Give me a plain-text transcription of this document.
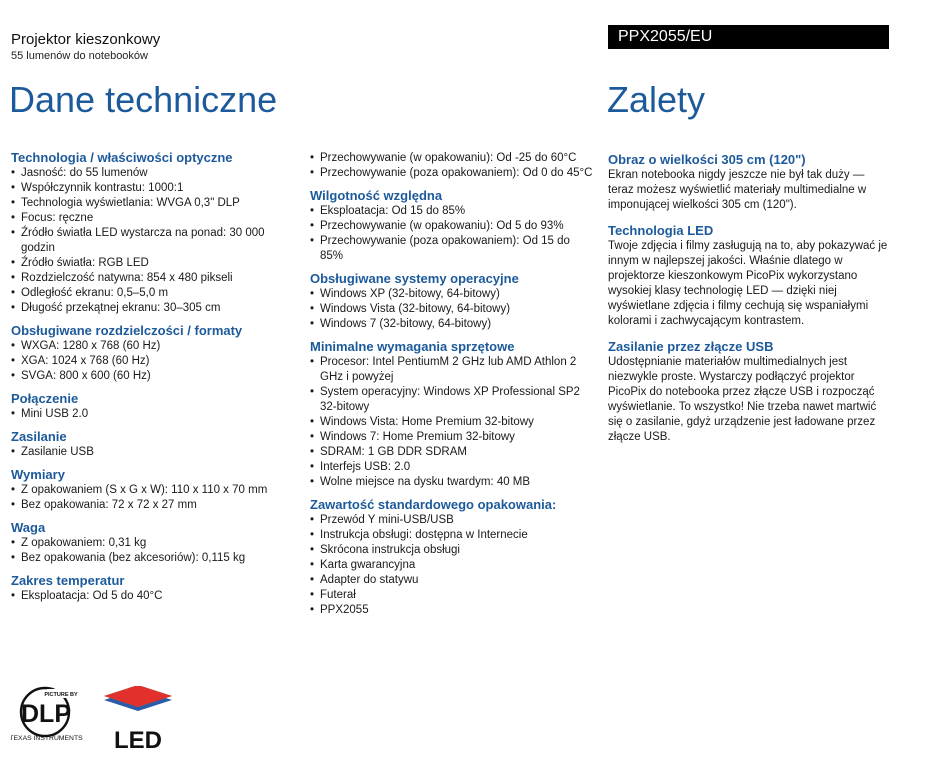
Projektor kieszonkowy
55 lumenów do notebooków
PPX2055/EU
Dane techniczne	Zalety
Technologia / właściwości optyczne
• Jasność: do 55 lumenów
• Współczynnik kontrastu: 1000:1
• Technologia wyświetlania: WVGA 0,3" DLP
• Focus: ręczne
• Źródło światła LED wystarcza na ponad: 30 000 godzin
• Źródło światła: RGB LED
• Rozdzielczość natywna: 854 x 480 pikseli
• Odległość ekranu: 0,5–5,0 m
• Długość przekątnej ekranu: 30–305 cm
Obsługiwane rozdzielczości / formaty
• WXGA: 1280 x 768 (60 Hz)
• XGA: 1024 x 768 (60 Hz)
• SVGA: 800 x 600 (60 Hz)
Połączenie
• Mini USB 2.0
Zasilanie
• Zasilanie USB
Wymiary
• Z opakowaniem (S x G x W): 110 x 110 x 70 mm
• Bez opakowania: 72 x 72 x 27 mm
Waga
• Z opakowaniem: 0,31 kg
• Bez opakowania (bez akcesoriów): 0,115 kg
Zakres temperatur
• Eksploatacja: Od 5 do 40°C
• Przechowywanie (w opakowaniu): Od -25 do 60°C
• Przechowywanie (poza opakowaniem): Od 0 do 45°C
Wilgotność względna
• Eksploatacja: Od 15 do 85%
• Przechowywanie (w opakowaniu): Od 5 do 93%
• Przechowywanie (poza opakowaniem): Od 15 do 85%
Obsługiwane systemy operacyjne
• Windows XP (32-bitowy, 64-bitowy)
• Windows Vista (32-bitowy, 64-bitowy)
• Windows 7 (32-bitowy, 64-bitowy)
Minimalne wymagania sprzętowe
• Procesor: Intel PentiumM 2 GHz lub AMD Athlon 2 GHz i powyżej
• System operacyjny: Windows XP Professional SP2 32-bitowy
• Windows Vista: Home Premium 32-bitowy
• Windows 7: Home Premium 32-bitowy
• SDRAM: 1 GB DDR SDRAM
• Interfejs USB: 2.0
• Wolne miejsce na dysku twardym: 40 MB
Zawartość standardowego opakowania:
• Przewód Y mini-USB/USB
• Instrukcja obsługi: dostępna w Internecie
• Skrócona instrukcja obsługi
• Karta gwarancyjna
• Adapter do statywu
• Futerał
• PPX2055
Obraz o wielkości 305 cm (120")
Ekran notebooka nigdy jeszcze nie był tak duży — teraz możesz wyświetlić materiały multimedialne w imponującej wielkości 305 cm (120").
Technologia LED
Twoje zdjęcia i filmy zasługują na to, aby pokazywać je innym w najlepszej jakości. Właśnie dlatego w projektorze kieszonkowym PicoPix wykorzystano wysokiej klasy technologię LED — dzięki niej wyświetlane zdjęcia i filmy cechują się wspaniałymi kolorami i zachwycającym kontrastem.
Zasilanie przez złącze USB
Udostępnianie materiałów multimedialnych jest niezwykle proste. Wystarczy podłączyć projektor PicoPix do notebooka przez złącze USB i rozpocząć wyświetlanie. To wszystko! Nie trzeba nawet martwić się o zasilanie, gdyż urządzenie jest ładowane przez złącze USB.
PICTURE BY
DLP
TEXAS INSTRUMENTS LED
